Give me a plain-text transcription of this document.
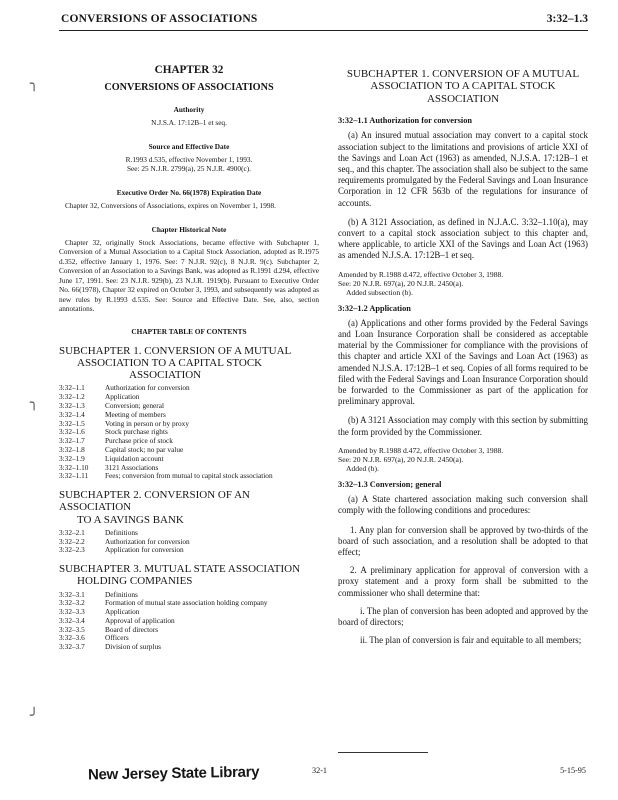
CONVERSIONS OF ASSOCIATIONS	3:32–1.3
╮
╮
╯
CHAPTER 32
CONVERSIONS OF ASSOCIATIONS
Authority
N.J.S.A. 17:12B–1 et seq.
Source and Effective Date
R.1993 d.535, effective November 1, 1993.
See: 25 N.J.R. 2799(a), 25 N.J.R. 4900(c).
Executive Order No. 66(1978) Expiration Date

Chapter 32, Conversions of Associations, expires on November 1, 1998.

Chapter Historical Note

Chapter 32, originally Stock Associations, became effective with Subchapter 1, Conversion of a Mutual Association to a Capital Stock Association, adopted as R.1975 d.352, effective January 1, 1976. See: 7 N.J.R. 92(c), 8 N.J.R. 9(c). Subchapter 2, Conversion of an Association to a Savings Bank, was adopted as R.1991 d.294, effective June 17, 1991. See: 23 N.J.R. 929(b), 23 N.J.R. 1919(b). Pursuant to Executive Order No. 66(1978), Chapter 32 expired on October 3, 1993, and subsequently was adopted as new rules by R.1993 d.535. See: Source and Effective Date. See, also, section annotations.

CHAPTER TABLE OF CONTENTS
SUBCHAPTER 1. CONVERSION OF A MUTUAL
ASSOCIATION TO A CAPITAL STOCK
ASSOCIATION
3:32–1.1	Authorization for conversion
3:32–1.2	Application
3:32–1.3	Conversion; general
3:32–1.4	Meeting of members
3:32–1.5	Voting in person or by proxy
3:32–1.6	Stock purchase rights
3:32–1.7	Purchase price of stock
3:32–1.8	Capital stock; no par value
3:32–1.9	Liquidation account
3:32–1.10	3121 Associations
3:32–1.11	Fees; conversion from mutual to capital stock association
SUBCHAPTER 2. CONVERSION OF AN ASSOCIATION
TO A SAVINGS BANK
3:32–2.1	Definitions
3:32–2.2	Authorization for conversion
3:32–2.3	Application for conversion
SUBCHAPTER 3. MUTUAL STATE ASSOCIATION
HOLDING COMPANIES
3:32–3.1	Definitions
3:32–3.2	Formation of mutual state association holding company
3:32–3.3	Application
3:32–3.4	Approval of application
3:32–3.5	Board of directors
3:32–3.6	Officers
3:32–3.7	Division of surplus
SUBCHAPTER 1. CONVERSION OF A MUTUAL
ASSOCIATION TO A CAPITAL STOCK
ASSOCIATION
3:32–1.1 Authorization for conversion

(a) An insured mutual association may convert to a capital stock association subject to the limitations and provisions of article XXI of the Savings and Loan Act (1963) as amended, N.J.S.A. 17:12B–1 et seq., and this chapter. The association shall also be subject to the same requirements promulgated by the Federal Savings and Loan Insurance Corporation in 12 CFR 563b of the regulations for insurance of accounts.

(b) A 3121 Association, as defined in N.J.A.C. 3:32–1.10(a), may convert to a capital stock association subject to this chapter and, where applicable, to article XXI of the Savings and Loan Act (1963) as amended N.J.S.A. 17:12B–1 et seq.

Amended by R.1988 d.472, effective October 3, 1988.
See: 20 N.J.R. 697(a), 20 N.J.R. 2450(a).
Added subsection (b).
3:32–1.2 Application

(a) Applications and other forms provided by the Federal Savings and Loan Insurance Corporation shall be considered as acceptable material by the Commissioner for compliance with the provisions of this chapter and article XXI of the Savings and Loan Act (1963) as amended N.J.S.A. 17:12B–1 et seq. Copies of all forms required to be filed with the Federal Savings and Loan Insurance Corporation should be forwarded to the Commissioner as part of the application for preliminary approval.

(b) A 3121 Association may comply with this section by submitting the form provided by the Commissioner.

Amended by R.1988 d.472, effective October 3, 1988.
See: 20 N.J.R. 697(a), 20 N.J.R. 2450(a).
Added (b).
3:32–1.3 Conversion; general

(a) A State chartered association making such conversion shall comply with the following conditions and procedures:

1. Any plan for conversion shall be approved by two-thirds of the board of such association, and a resolution shall be adopted to that effect;

2. A preliminary application for approval of conversion with a proxy statement and a proxy form shall be submitted to the commissioner who shall determine that:

i. The plan of conversion has been adopted and approved by the board of directors;

ii. The plan of conversion is fair and equitable to all members;

New Jersey State Library	32-1	5-15-95
